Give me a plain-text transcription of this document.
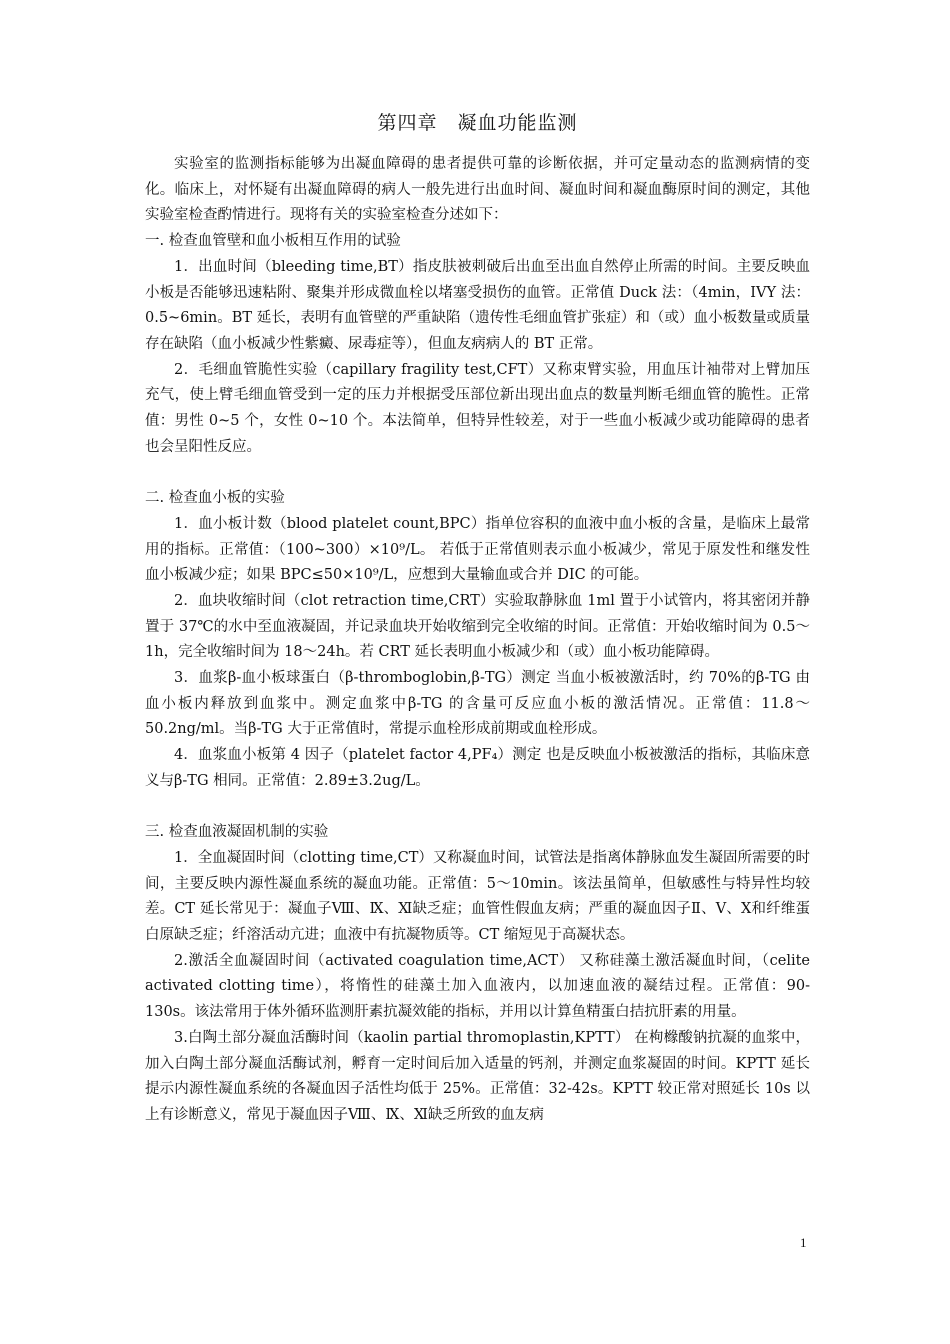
第四章　凝血功能监测

实验室的监测指标能够为出凝血障碍的患者提供可靠的诊断依据，并可定量动态的监测病情的变化。临床上，对怀疑有出凝血障碍的病人一般先进行出血时间、凝血时间和凝血酶原时间的测定，其他实验室检查酌情进行。现将有关的实验室检查分述如下：

一. 检查血管壁和血小板相互作用的试验

1．出血时间（bleeding time,BT）指皮肤被刺破后出血至出血自然停止所需的时间。主要反映血小板是否能够迅速粘附、聚集并形成微血栓以堵塞受损伤的血管。正常值 Duck 法：（4min，IVY 法：0.5~6min。BT 延长，表明有血管壁的严重缺陷（遗传性毛细血管扩张症）和（或）血小板数量或质量存在缺陷（血小板减少性紫癜、尿毒症等），但血友病病人的 BT 正常。

2．毛细血管脆性实验（capillary fragility test,CFT）又称束臂实验，用血压计袖带对上臂加压充气，使上臂毛细血管受到一定的压力并根据受压部位新出现出血点的数量判断毛细血管的脆性。正常值：男性 0~5 个，女性 0~10 个。本法简单，但特异性较差，对于一些血小板减少或功能障碍的患者也会呈阳性反应。

二. 检查血小板的实验

1．血小板计数（blood platelet count,BPC）指单位容积的血液中血小板的含量，是临床上最常用的指标。正常值：（100~300）×10⁹/L。 若低于正常值则表示血小板减少，常见于原发性和继发性血小板减少症；如果 BPC≤50×10⁹/L，应想到大量输血或合并 DIC 的可能。

2．血块收缩时间（clot retraction time,CRT）实验取静脉血 1ml 置于小试管内，将其密闭并静置于 37℃的水中至血液凝固，并记录血块开始收缩到完全收缩的时间。正常值：开始收缩时间为 0.5～1h，完全收缩时间为 18～24h。若 CRT 延长表明血小板减少和（或）血小板功能障碍。

3．血浆β-血小板球蛋白（β-thromboglobin,β-TG）测定 当血小板被激活时，约 70%的β-TG 由血小板内释放到血浆中。测定血浆中β-TG 的含量可反应血小板的激活情况。正常值：11.8～50.2ng/ml。当β-TG 大于正常值时，常提示血栓形成前期或血栓形成。

4．血浆血小板第 4 因子（platelet factor 4,PF₄）测定 也是反映血小板被激活的指标，其临床意义与β-TG 相同。正常值：2.89±3.2ug/L。

三. 检查血液凝固机制的实验

1．全血凝固时间（clotting time,CT）又称凝血时间，试管法是指离体静脉血发生凝固所需要的时间，主要反映内源性凝血系统的凝血功能。正常值：5～10min。该法虽简单，但敏感性与特异性均较差。CT 延长常见于：凝血子Ⅷ、Ⅸ、Ⅺ缺乏症；血管性假血友病；严重的凝血因子Ⅱ、Ⅴ、Ⅹ和纤维蛋白原缺乏症；纤溶活动亢进；血液中有抗凝物质等。CT 缩短见于高凝状态。

2.激活全血凝固时间（activated coagulation time,ACT） 又称硅藻土激活凝血时间，（celite activated clotting time），将惰性的硅藻土加入血液内，以加速血液的凝结过程。正常值：90-130s。该法常用于体外循环监测肝素抗凝效能的指标，并用以计算鱼精蛋白拮抗肝素的用量。

3.白陶土部分凝血活酶时间（kaolin partial thromoplastin,KPTT） 在枸橼酸钠抗凝的血浆中，加入白陶土部分凝血活酶试剂，孵育一定时间后加入适量的钙剂，并测定血浆凝固的时间。KPTT 延长提示内源性凝血系统的各凝血因子活性均低于 25%。正常值：32-42s。KPTT 较正常对照延长 10s 以上有诊断意义，常见于凝血因子Ⅷ、Ⅸ、Ⅺ缺乏所致的血友病

1
